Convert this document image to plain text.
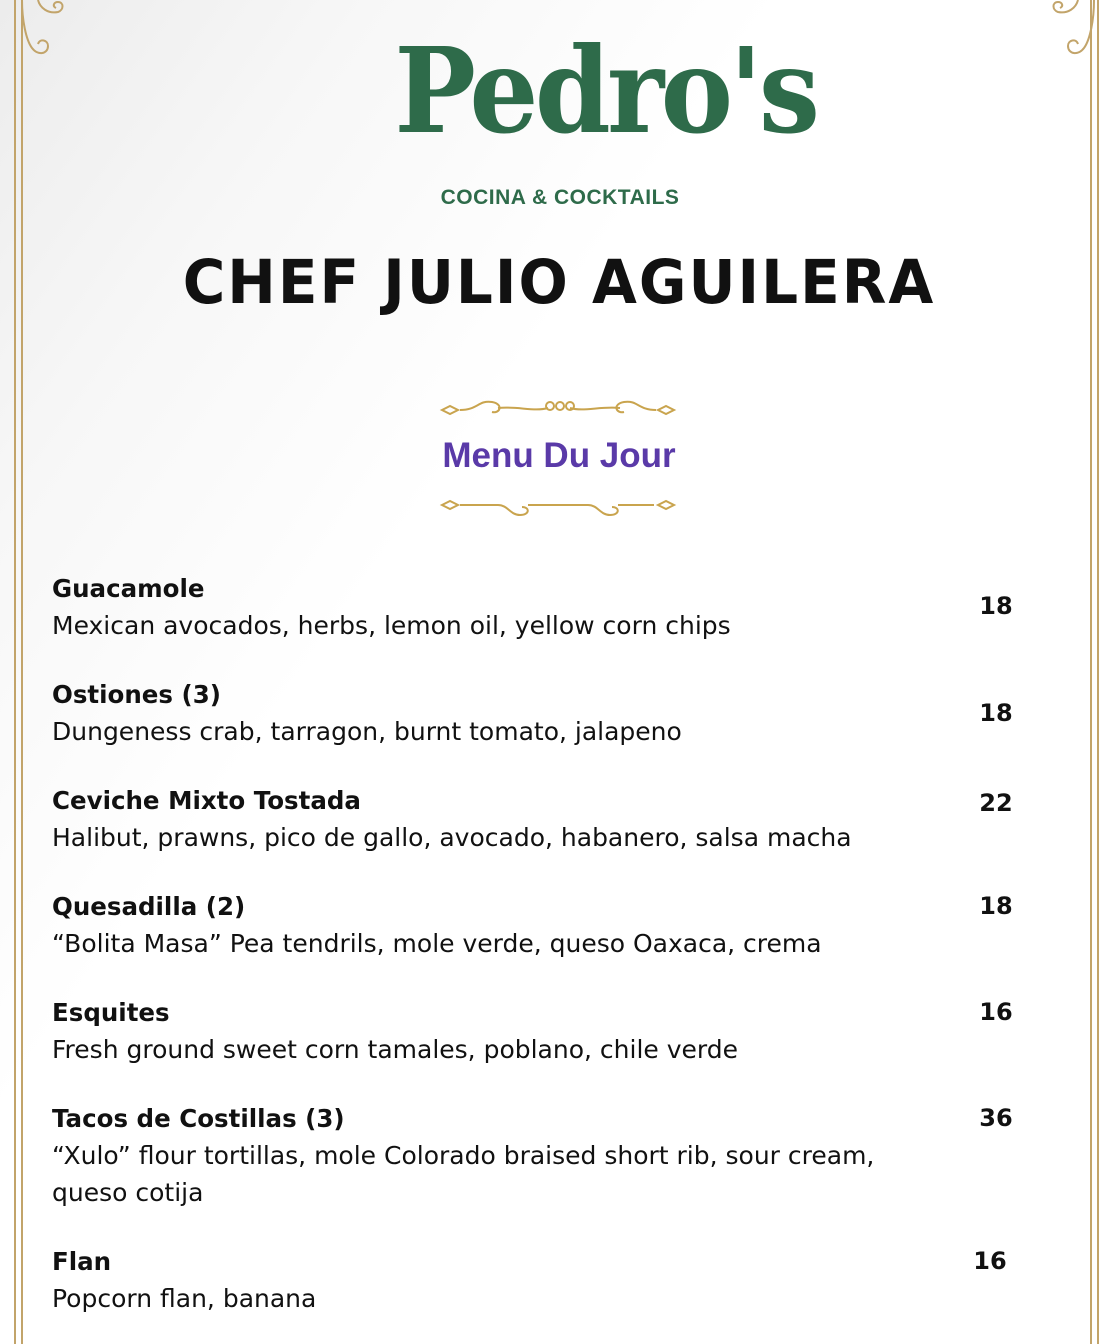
Pedro's
COCINA & COCKTAILS
CHEF JULIO AGUILERA
Menu Du Jour
Guacamole
Mexican avocados, herbs, lemon oil, yellow corn chips
18
Ostiones (3)
Dungeness crab, tarragon, burnt tomato, jalapeno
18
Ceviche Mixto Tostada
Halibut, prawns, pico de gallo, avocado, habanero, salsa macha
22
Quesadilla (2)
“Bolita Masa” Pea tendrils, mole verde, queso Oaxaca, crema
18
Esquites
Fresh ground sweet corn tamales, poblano, chile verde
16
Tacos de Costillas (3)
“Xulo” flour tortillas, mole Colorado braised short rib, sour cream, queso cotija
36
Flan
Popcorn flan, banana
16
